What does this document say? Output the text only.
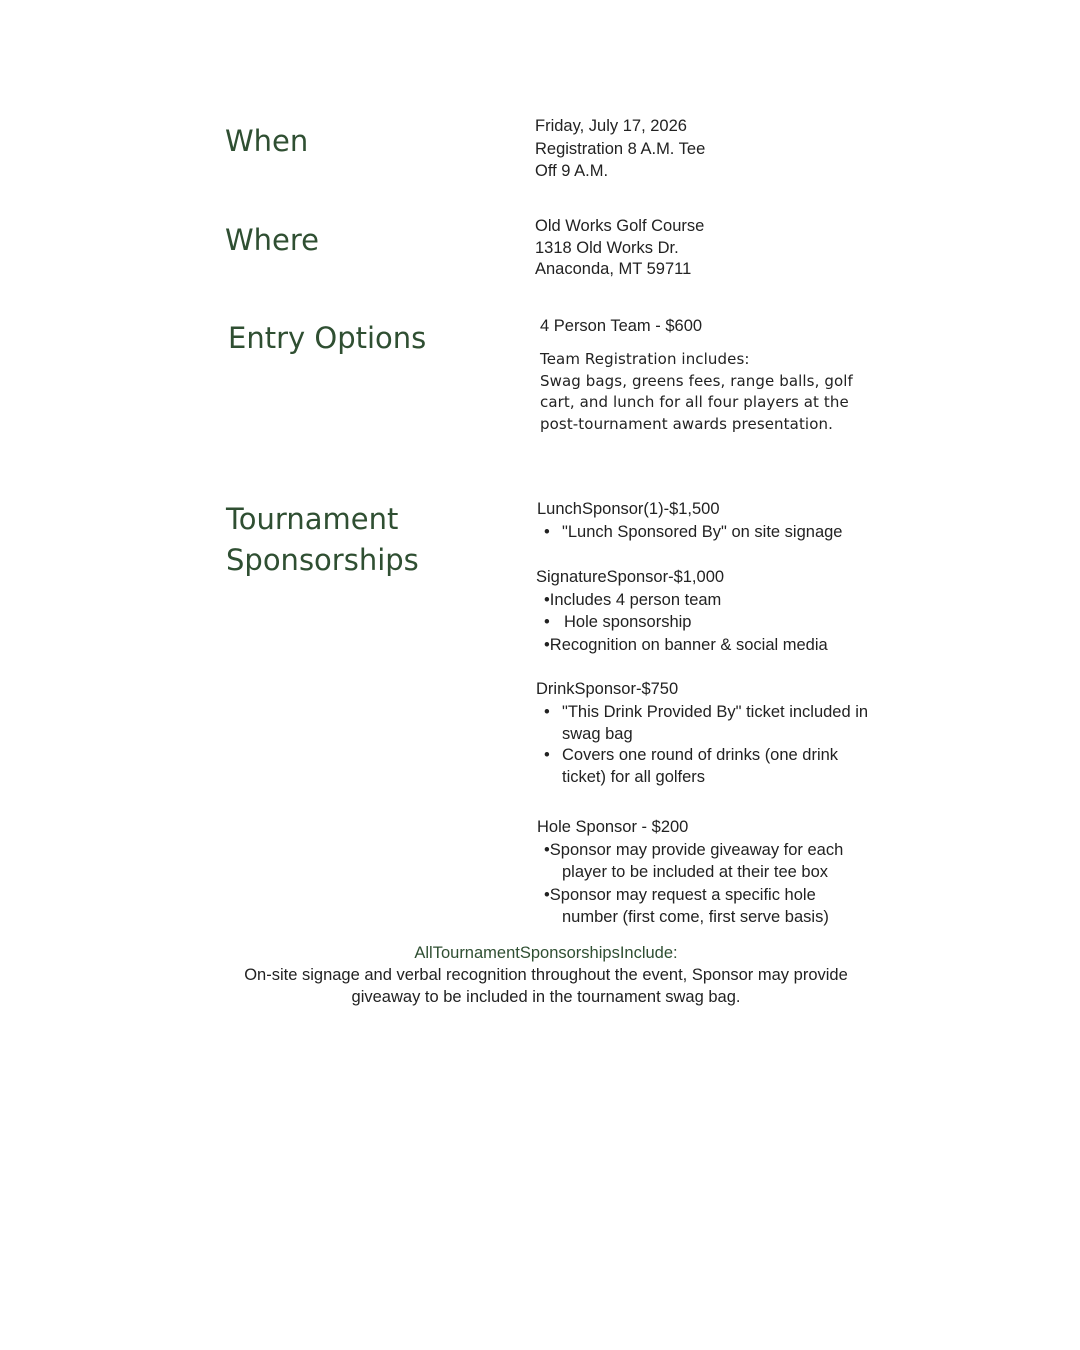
When	Friday, July 17, 2026
Registration 8 A.M. Tee
Off 9 A.M.
Where	Old Works Golf Course
1318 Old Works Dr.
Anaconda, MT 59711
Entry Options	4 Person Team - $600
Team Registration includes:
Swag bags, greens fees, range balls, golf
cart, and lunch for all four players at the
post-tournament awards presentation.
Tournament
Sponsorships
LunchSponsor(1)-$1,500
• "Lunch Sponsored By" on site signage
SignatureSponsor-$1,000
• Includes 4 person team
• Hole sponsorship
• Recognition on banner & social media
DrinkSponsor-$750
• "This Drink Provided By" ticket included in
swag bag
• Covers one round of drinks (one drink
ticket) for all golfers
Hole Sponsor - $200
•Sponsor may provide giveaway for each
player to be included at their tee box
•Sponsor may request a specific hole
number (first come, first serve basis)
AllTournamentSponsorshipsInclude:
On-site signage and verbal recognition throughout the event, Sponsor may provide
giveaway to be included in the tournament swag bag.
